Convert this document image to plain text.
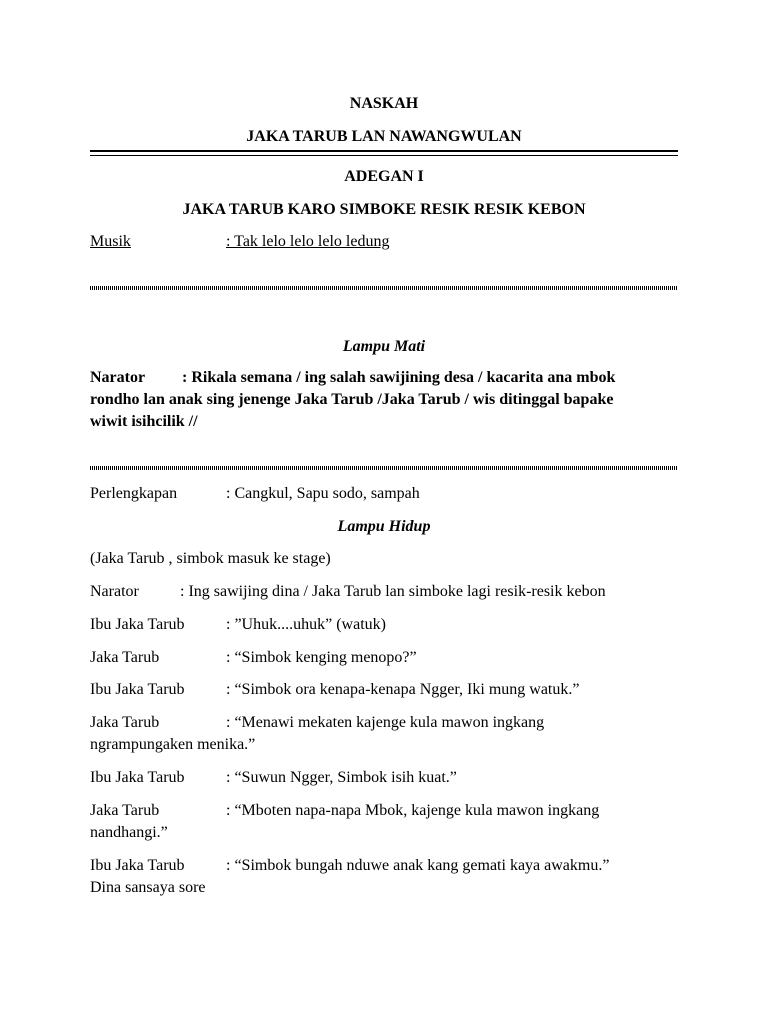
NASKAH
JAKA TARUB LAN NAWANGWULAN
ADEGAN I
JAKA TARUB KARO SIMBOKE RESIK RESIK KEBON
Musik	: Tak lelo lelo lelo ledung
Lampu Mati
Narator : Rikala semana / ing salah sawijining desa / kacarita ana mbok
rondho lan anak sing jenenge Jaka Tarub /Jaka Tarub / wis ditinggal bapake
wiwit isihcilik //
Perlengkapan	: Cangkul, Sapu sodo, sampah
Lampu Hidup
(Jaka Tarub , simbok masuk ke stage)
Narator	: Ing sawijing dina / Jaka Tarub lan simboke lagi resik-resik kebon
Ibu Jaka Tarub	: ”Uhuk....uhuk” (watuk)
Jaka Tarub	: “Simbok kenging menopo?”
Ibu Jaka Tarub	: “Simbok ora kenapa-kenapa Ngger, Iki mung watuk.”
Jaka Tarub	: “Menawi mekaten kajenge kula mawon ingkang
ngrampungaken menika.”
Ibu Jaka Tarub	: “Suwun Ngger, Simbok isih kuat.”
Jaka Tarub	: “Mboten napa-napa Mbok, kajenge kula mawon ingkang
nandhangi.”
Ibu Jaka Tarub	: “Simbok bungah nduwe anak kang gemati kaya awakmu.”
Dina sansaya sore
